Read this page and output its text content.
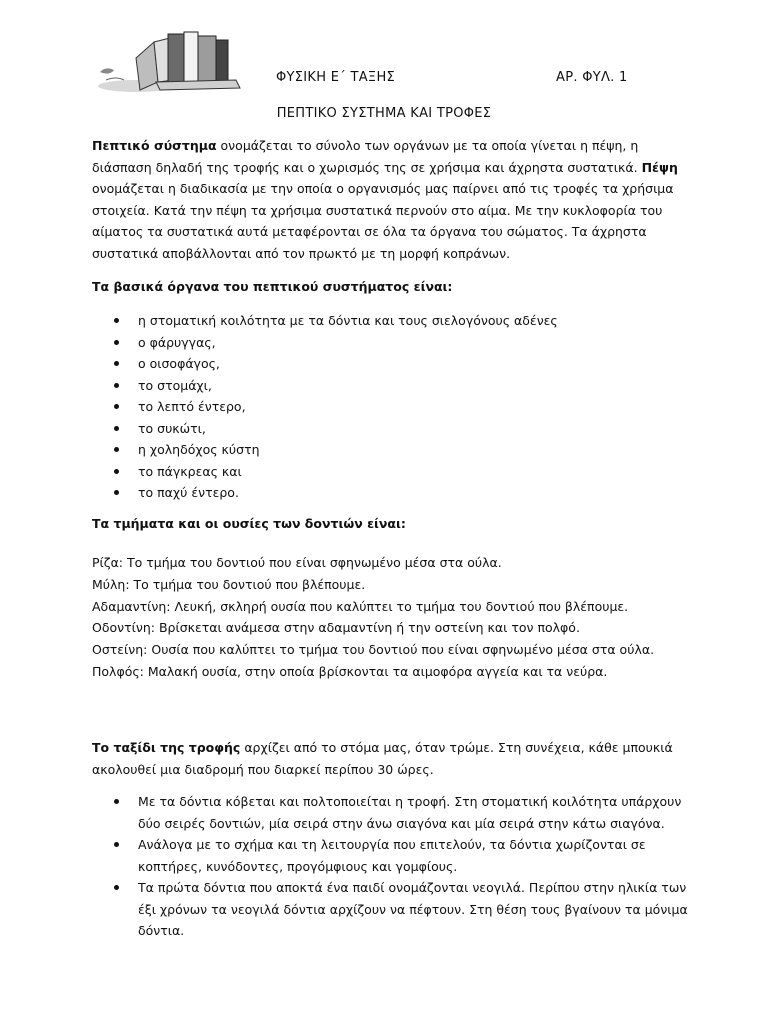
ΦΥΣΙΚΗ Ε΄ ΤΑΞΗΣ	ΑΡ. ΦΥΛ. 1
ΠΕΠΤΙΚΟ ΣΥΣΤΗΜΑ ΚΑΙ ΤΡΟΦΕΣ

Πεπτικό σύστημα ονομάζεται το σύνολο των οργάνων με τα οποία γίνεται η πέψη, η διάσπαση δηλαδή της τροφής και ο χωρισμός της σε χρήσιμα και άχρηστα συστατικά. Πέψη ονομάζεται η διαδικασία με την οποία ο οργανισμός μας παίρνει από τις τροφές τα χρήσιμα στοιχεία. Κατά την πέψη τα χρήσιμα συστατικά περνούν στο αίμα. Με την κυκλοφορία του αίματος τα συστατικά αυτά μεταφέρονται σε όλα τα όργανα του σώματος. Τα άχρηστα συστατικά αποβάλλονται από τον πρωκτό με τη μορφή κοπράνων.

Τα βασικά όργανα του πεπτικού συστήματος είναι:

η στοματική κοιλότητα με τα δόντια και τους σιελογόνους αδένες
ο φάρυγγας,
ο οισοφάγος,
το στομάχι,
το λεπτό έντερο,
το συκώτι,
η χοληδόχος κύστη
το πάγκρεας και
το παχύ έντερο.

Τα τμήματα και οι ουσίες των δοντιών είναι:

Ρίζα: Το τμήμα του δοντιού που είναι σφηνωμένο μέσα στα ούλα.
Μύλη: Το τμήμα του δοντιού που βλέπουμε.
Αδαμαντίνη: Λευκή, σκληρή ουσία που καλύπτει το τμήμα του δοντιού που βλέπουμε.
Οδοντίνη: Βρίσκεται ανάμεσα στην αδαμαντίνη ή την οστείνη και τον πολφό.
Οστείνη: Ουσία που καλύπτει το τμήμα του δοντιού που είναι σφηνωμένο μέσα στα ούλα.
Πολφός: Μαλακή ουσία, στην οποία βρίσκονται τα αιμοφόρα αγγεία και τα νεύρα.

Το ταξίδι της τροφής αρχίζει από το στόμα μας, όταν τρώμε. Στη συνέχεια, κάθε μπουκιά ακολουθεί μια διαδρομή που διαρκεί περίπου 30 ώρες.

Με τα δόντια κόβεται και πολτοποιείται η τροφή. Στη στοματική κοιλότητα υπάρχουν δύο σειρές δοντιών, μία σειρά στην άνω σιαγόνα και μία σειρά στην κάτω σιαγόνα.
Ανάλογα με το σχήμα και τη λειτουργία που επιτελούν, τα δόντια χωρίζονται σε κοπτήρες, κυνόδοντες, προγόμφιους και γομφίους.
Τα πρώτα δόντια που αποκτά ένα παιδί ονομάζονται νεογιλά. Περίπου στην ηλικία των έξι χρόνων τα νεογιλά δόντια αρχίζουν να πέφτουν. Στη θέση τους βγαίνουν τα μόνιμα δόντια.
